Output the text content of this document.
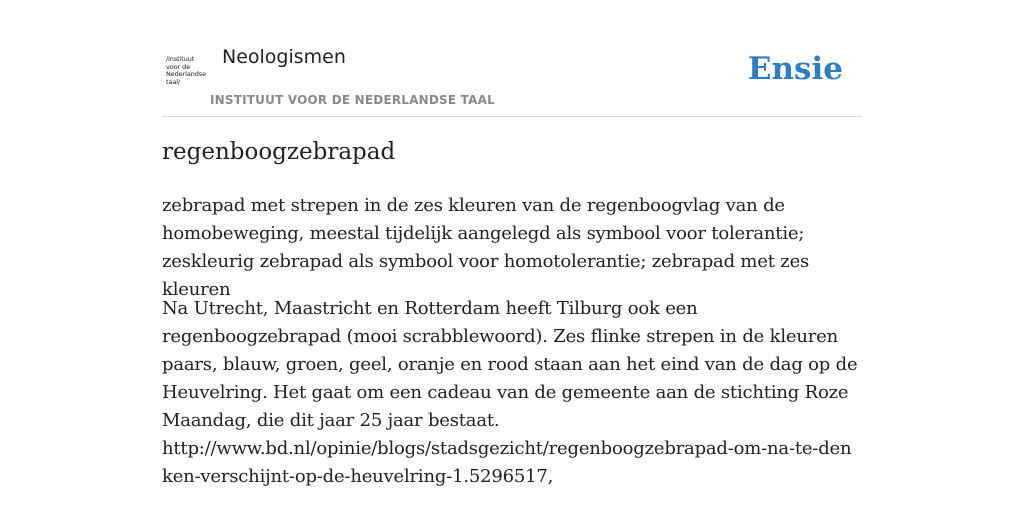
/instituut
voor de
Nederlandse
taal/
Neologismen
INSTITUUT VOOR DE NEDERLANDSE TAAL
Ensie
regenboogzebrapad

zebrapad met strepen in de zes kleuren van de regenboogvlag van de homobeweging, meestal tijdelijk aangelegd als symbool voor tolerantie; zeskleurig zebrapad als symbool voor homotolerantie; zebrapad met zes kleuren

Na Utrecht, Maastricht en Rotterdam heeft Tilburg ook een regenboogzebrapad (mooi scrabblewoord). Zes flinke strepen in de kleuren paars, blauw, groen, geel, oranje en rood staan aan het eind van de dag op de Heuvelring. Het gaat om een cadeau van de gemeente aan de stichting Roze Maandag, die dit jaar 25 jaar bestaat.
http://www.bd.nl/opinie/blogs/stadsgezicht/regenboogzebrapad-om-na-te-denken-verschijnt-op-de-heuvelring-1.5296517,
